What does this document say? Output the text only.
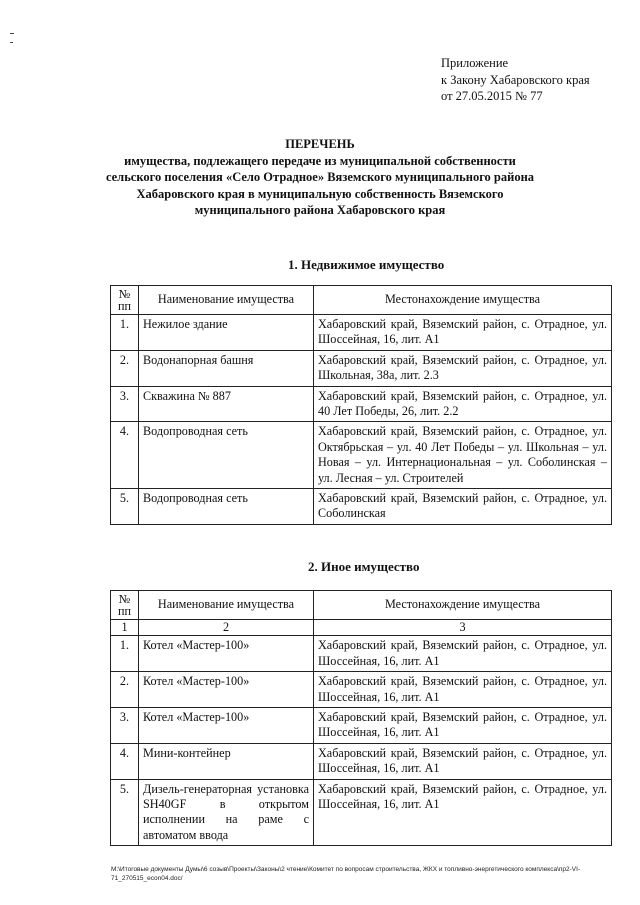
Приложение
к Закону Хабаровского края
от 27.05.2015 № 77
ПЕРЕЧЕНЬ
имущества, подлежащего передаче из муниципальной собственности
сельского поселения «Село Отрадное» Вяземского муниципального района
Хабаровского края в муниципальную собственность Вяземского
муниципального района Хабаровского края
1. Недвижимое имущество
№ пп	Наименование имущества	Местонахождение имущества
1.	Нежилое здание	Хабаровский край, Вяземский район, с. Отрадное, ул. Шоссейная, 16, лит. А1
2.	Водонапорная башня	Хабаровский край, Вяземский район, с. Отрадное, ул. Школьная, 38а, лит. 2.3
3.	Скважина № 887	Хабаровский край, Вяземский район, с. Отрадное, ул. 40 Лет Победы, 26, лит. 2.2
4.	Водопроводная сеть	Хабаровский край, Вяземский район, с. Отрадное, ул. Октябрьская – ул. 40 Лет Победы – ул. Школьная – ул. Новая – ул. Интернациональная – ул. Соболинская – ул. Лесная – ул. Строителей
5.	Водопроводная сеть	Хабаровский край, Вяземский район, с. Отрадное, ул. Соболинская
2. Иное имущество
№ пп	Наименование имущества	Местонахождение имущества
1	2	3
1.	Котел «Мастер-100»	Хабаровский край, Вяземский район, с. Отрадное, ул. Шоссейная, 16, лит. А1
2.	Котел «Мастер-100»	Хабаровский край, Вяземский район, с. Отрадное, ул. Шоссейная, 16, лит. А1
3.	Котел «Мастер-100»	Хабаровский край, Вяземский район, с. Отрадное, ул. Шоссейная, 16, лит. А1
4.	Мини-контейнер	Хабаровский край, Вяземский район, с. Отрадное, ул. Шоссейная, 16, лит. А1
5.	Дизель-генераторная установка SH40GF в открытом исполнении на раме с автоматом ввода	Хабаровский край, Вяземский район, с. Отрадное, ул. Шоссейная, 16, лит. А1
M:\Итоговые документы Думы\6 созыв\Проекты\Законы\2 чтение\Комитет по вопросам строительства, ЖКХ и топливно-энергетического комплекса\пр2-VI-71_270515_econ04.doc/
